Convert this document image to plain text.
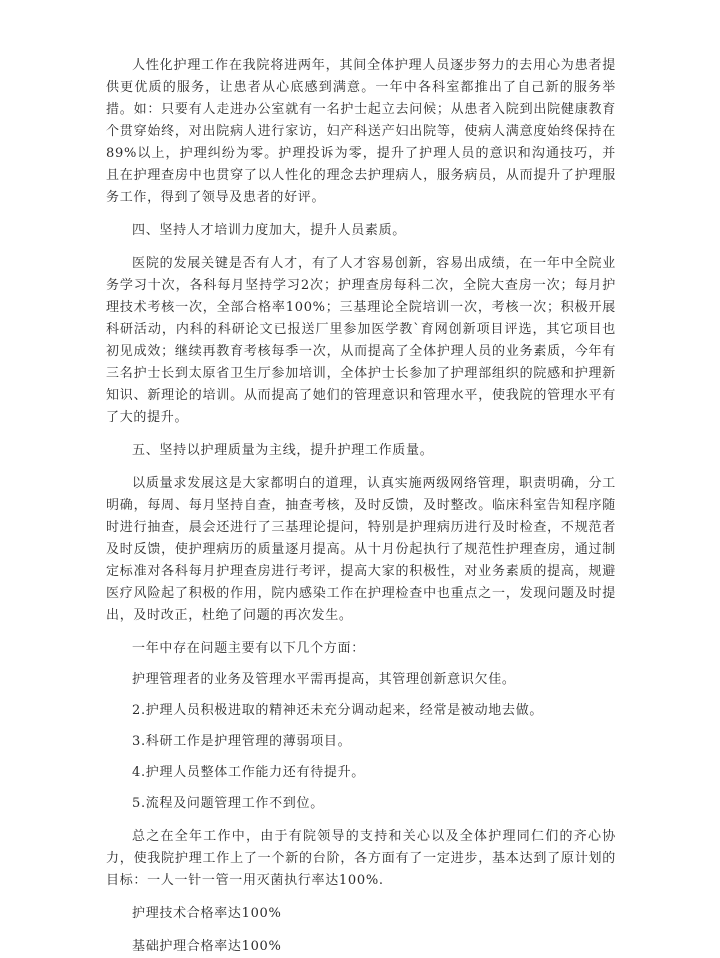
人性化护理工作在我院将进两年，其间全体护理人员逐步努力的去用心为患者提供更优质的服务，让患者从心底感到满意。一年中各科室都推出了自己新的服务举措。如：只要有人走进办公室就有一名护士起立去问候；从患者入院到出院健康教育个贯穿始终，对出院病人进行家访，妇产科送产妇出院等，使病人满意度始终保持在89%以上，护理纠纷为零。护理投诉为零，提升了护理人员的意识和沟通技巧，并且在护理查房中也贯穿了以人性化的理念去护理病人，服务病员，从而提升了护理服务工作，得到了领导及患者的好评。

四、坚持人才培训力度加大，提升人员素质。

医院的发展关键是否有人才，有了人才容易创新，容易出成绩，在一年中全院业务学习十次，各科每月坚持学习2次；护理查房每科二次，全院大查房一次；每月护理技术考核一次，全部合格率100%；三基理论全院培训一次，考核一次；积极开展科研活动，内科的科研论文已报送厂里参加医学教`育网创新项目评选，其它项目也初见成效；继续再教育考核每季一次，从而提高了全体护理人员的业务素质，今年有三名护士长到太原省卫生厅参加培训，全体护士长参加了护理部组织的院感和护理新知识、新理论的培训。从而提高了她们的管理意识和管理水平，使我院的管理水平有了大的提升。

五、坚持以护理质量为主线，提升护理工作质量。

以质量求发展这是大家都明白的道理，认真实施两级网络管理，职责明确，分工明确，每周、每月坚持自查，抽查考核，及时反馈，及时整改。临床科室告知程序随时进行抽查，晨会还进行了三基理论提问，特别是护理病历进行及时检查，不规范者及时反馈，使护理病历的质量逐月提高。从十月份起执行了规范性护理查房，通过制定标准对各科每月护理查房进行考评，提高大家的积极性，对业务素质的提高，规避医疗风险起了积极的作用，院内感染工作在护理检查中也重点之一，发现问题及时提出，及时改正，杜绝了问题的再次发生。

一年中存在问题主要有以下几个方面：

护理管理者的业务及管理水平需再提高，其管理创新意识欠佳。

2.护理人员积极进取的精神还未充分调动起来，经常是被动地去做。

3.科研工作是护理管理的薄弱项目。

4.护理人员整体工作能力还有待提升。

5.流程及问题管理工作不到位。

总之在全年工作中，由于有院领导的支持和关心以及全体护理同仁们的齐心协力，使我院护理工作上了一个新的台阶，各方面有了一定进步，基本达到了原计划的目标：一人一针一管一用灭菌执行率达100%.

护理技术合格率达100%

基础护理合格率达100%
